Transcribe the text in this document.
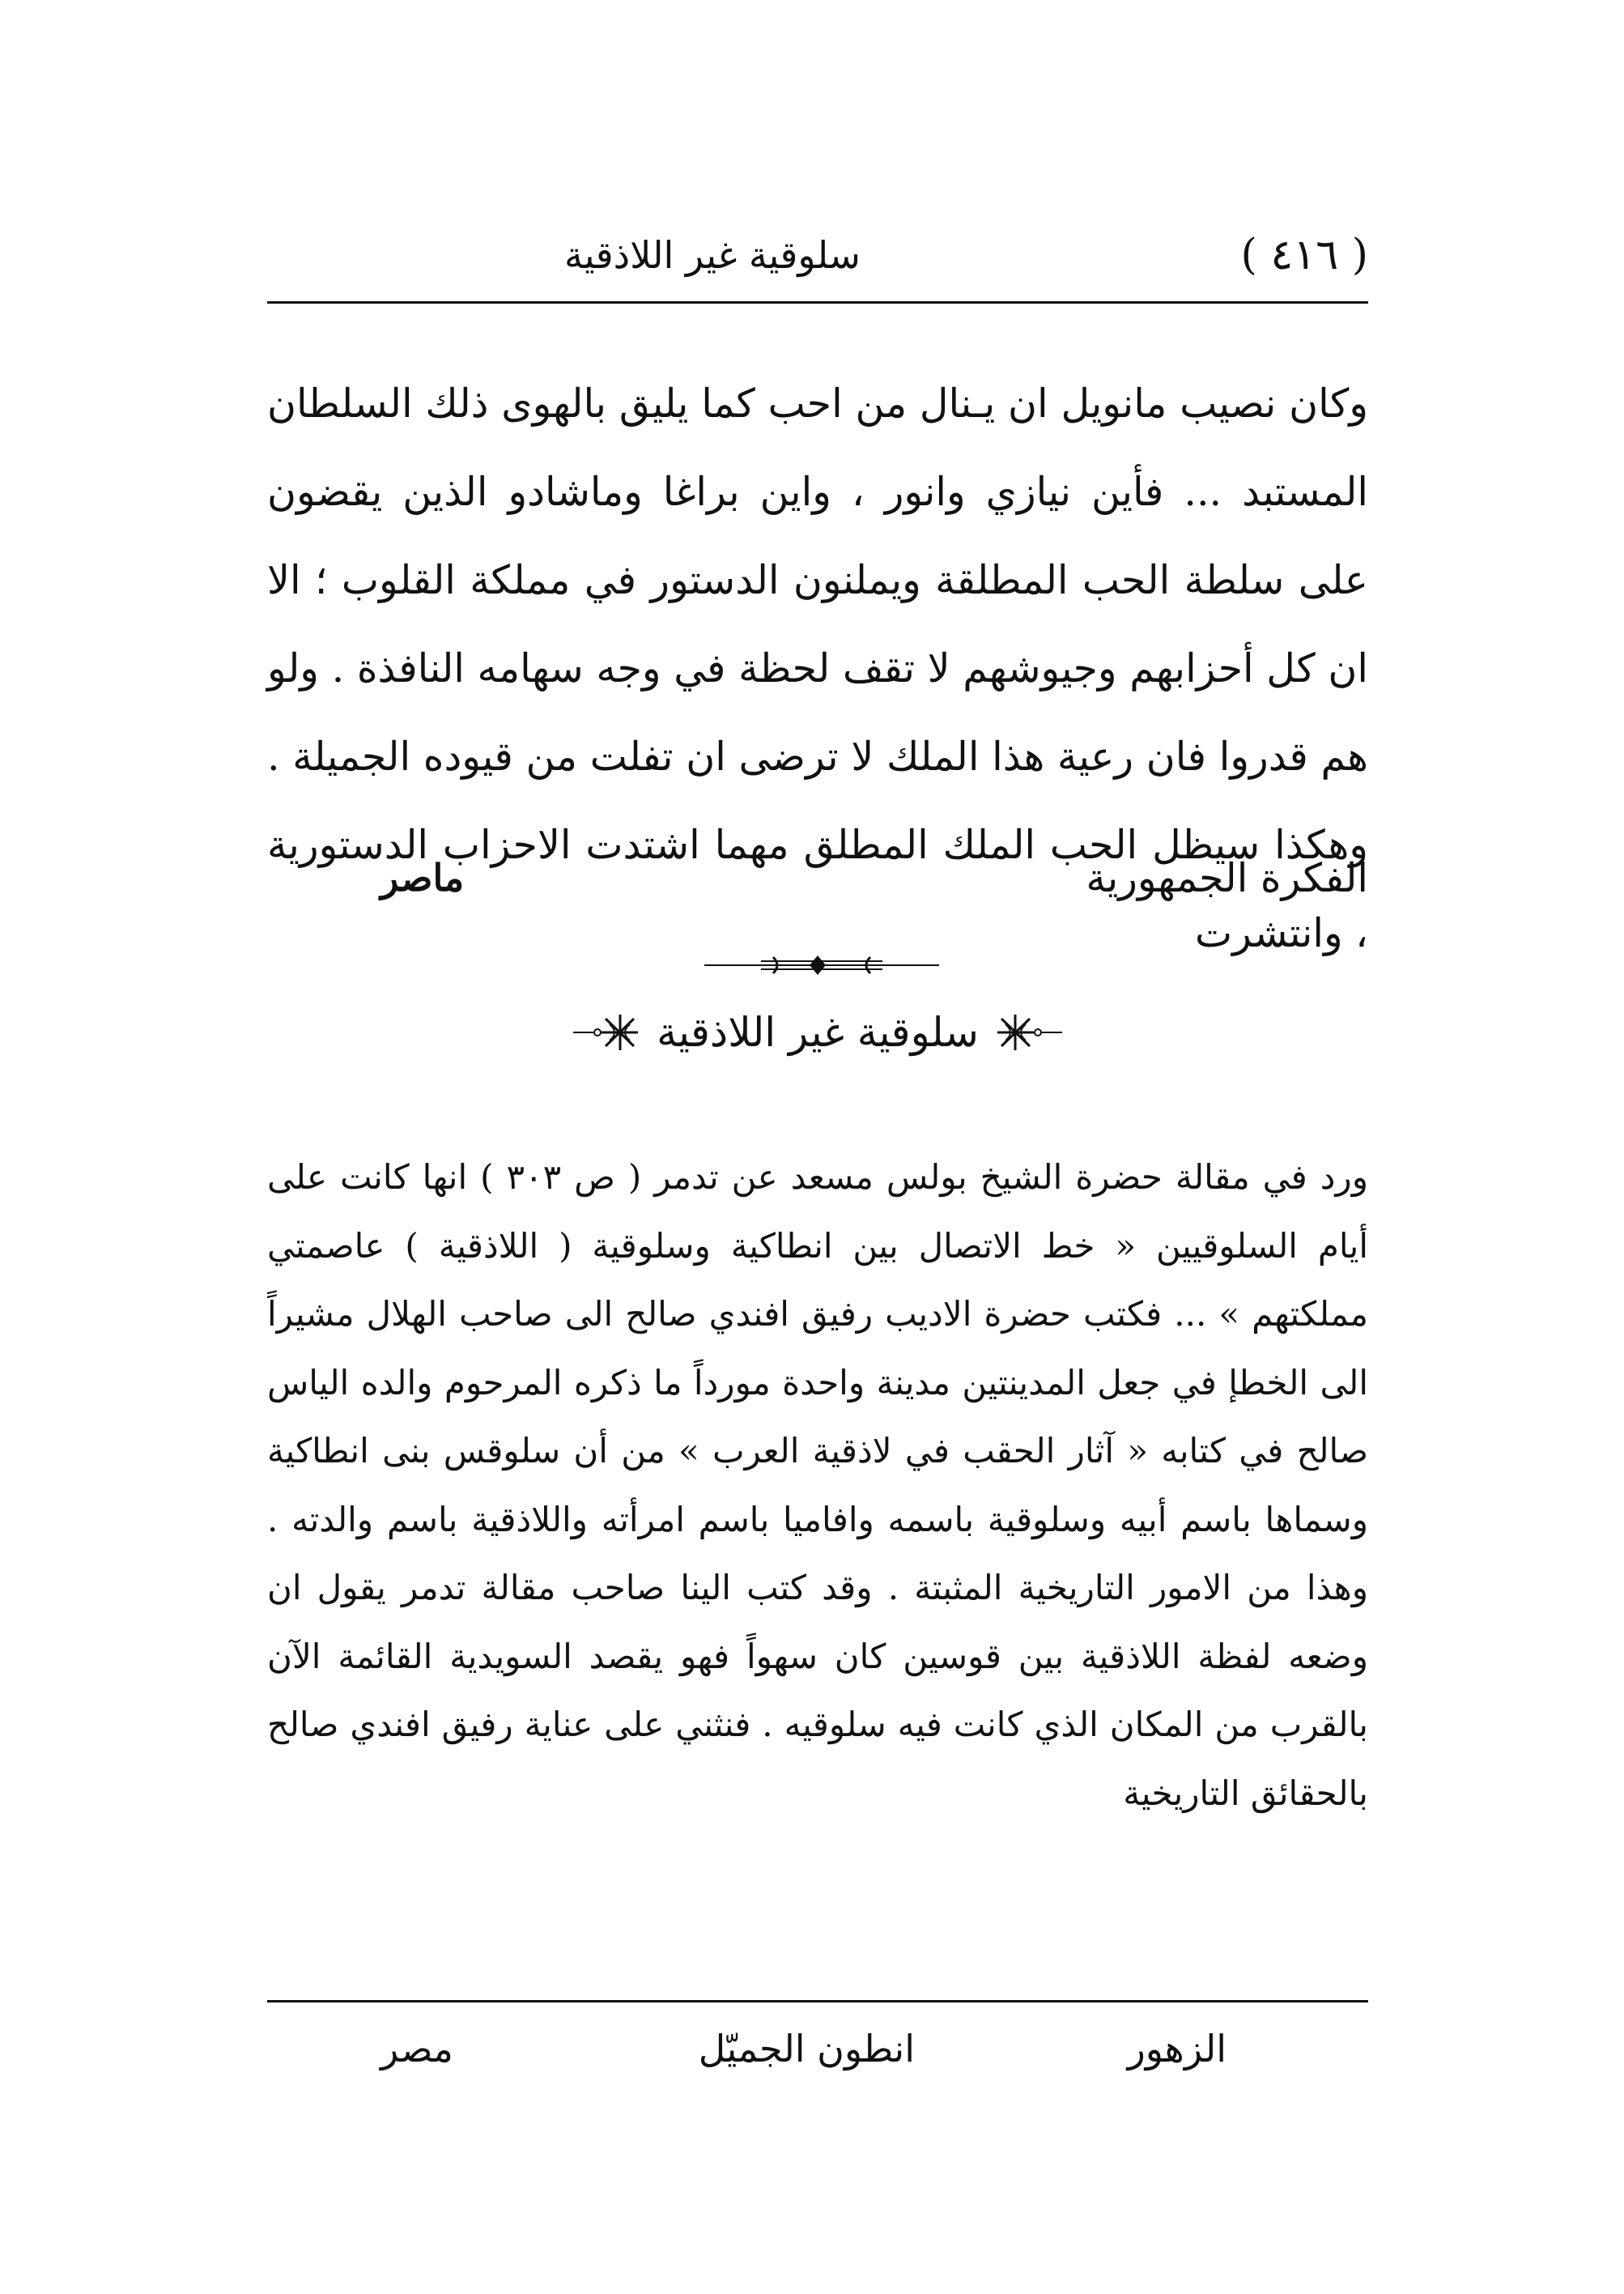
( ٤١٦ )
سلوقية غير اللاذقية

وكان نصيب مانويل ان يـنال من احب كما يليق بالهوى ذلك السلطان المستبد ... فأين نيازي وانور ، واين براغا وماشادو الذين يقضون على سلطة الحب المطلقة ويملنون الدستور في مملكة القلوب ؛ الا ان كل أحزابهم وجيوشهم لا تقف لحظة في وجه سهامه النافذة . ولو هم قدروا فان رعية هذا الملك لا ترضى ان تفلت من قيوده الجميلة . وهكذا سيظل الحب الملك المطلق مهما اشتدت الاحزاب الدستورية ، وانتشرت

الفكرة الجمهورية
ماصر
سلوقية غير اللاذقية

ورد في مقالة حضرة الشيخ بولس مسعد عن تدمر ( ص ٣٠٣ ) انها كانت على أيام السلوقيين « خط الاتصال بين انطاكية وسلوقية ( اللاذقية ) عاصمتي مملكتهم » ... فكتب حضرة الاديب رفيق افندي صالح الى صاحب الهلال مشيراً الى الخطإ في جعل المدينتين مدينة واحدة مورداً ما ذكره المرحوم والده الياس صالح في كتابه « آثار الحقب في لاذقية العرب » من أن سلوقس بنى انطاكية وسماها باسم أبيه وسلوقية باسمه وافاميا باسم امرأته واللاذقية باسم والدته . وهذا من الامور التاريخية المثبتة . وقد كتب الينا صاحب مقالة تدمر يقول ان وضعه لفظة اللاذقية بين قوسين كان سهواً فهو يقصد السويدية القائمة الآن بالقرب من المكان الذي كانت فيه سلوقيه . فنثني على عناية رفيق افندي صالح بالحقائق التاريخية

الزهور
انطون الجميّل
مصر
